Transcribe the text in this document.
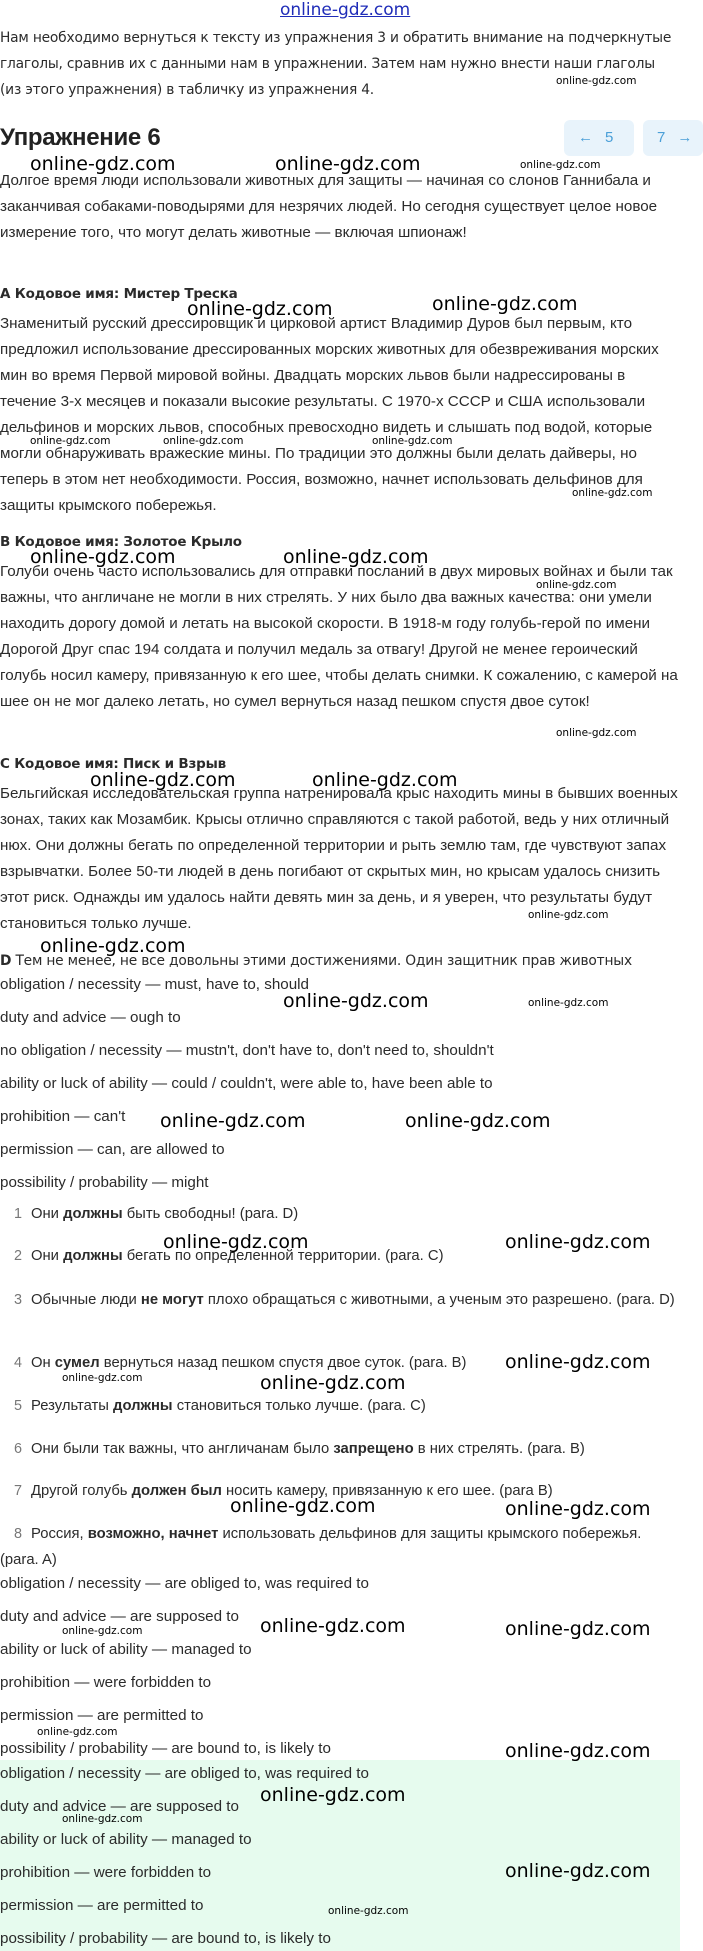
online-gdz.com

Нам необходимо вернуться к тексту из упражнения 3 и обратить внимание на подчеркнутые глаголы, сравнив их с данными нам в упражнении. Затем нам нужно внести наши глаголы (из этого упражнения) в табличку из упражнения 4.

Упражнение 6	← 5	7 →

Долгое время люди использовали животных для защиты — начиная со слонов Ганнибала и заканчивая собаками-поводырями для незрячих людей. Но сегодня существует целое новое измерение того, что могут делать животные — включая шпионаж!

A Кодовое имя: Мистер Треска

Знаменитый русский дрессировщик и цирковой артист Владимир Дуров был первым, кто предложил использование дрессированных морских животных для обезвреживания морских мин во время Первой мировой войны. Двадцать морских львов были надрессированы в течение 3-х месяцев и показали высокие результаты. С 1970-х СССР и США использовали дельфинов и морских львов, способных превосходно видеть и слышать под водой, которые могли обнаруживать вражеские мины. По традиции это должны были делать дайверы, но теперь в этом нет необходимости. Россия, возможно, начнет использовать дельфинов для защиты крымского побережья.

B Кодовое имя: Золотое Крыло

Голуби очень часто использовались для отправки посланий в двух мировых войнах и были так важны, что англичане не могли в них стрелять. У них было два важных качества: они умели находить дорогу домой и летать на высокой скорости. В 1918-м году голубь-герой по имени Дорогой Друг спас 194 солдата и получил медаль за отвагу! Другой не менее героический голубь носил камеру, привязанную к его шее, чтобы делать снимки. К сожалению, с камерой на шее он не мог далеко летать, но сумел вернуться назад пешком спустя двое суток!

C Кодовое имя: Писк и Взрыв

Бельгийская исследовательская группа натренировала крыс находить мины в бывших военных зонах, таких как Мозамбик. Крысы отлично справляются с такой работой, ведь у них отличный нюх. Они должны бегать по определенной территории и рыть землю там, где чувствуют запах взрывчатки. Более 50-ти людей в день погибают от скрытых мин, но крысам удалось снизить этот риск. Однажды им удалось найти девять мин за день, и я уверен, что результаты будут становиться только лучше.

D Тем не менее, не все довольны этими достижениями. Один защитник прав животных
obligation / necessity — must, have to, should
duty and advice — ough to
no obligation / necessity — mustn't, don't have to, don't need to, shouldn't
ability or luck of ability — could / couldn't, were able to, have been able to
prohibition — can't
permission — can, are allowed to
possibility / probability — might
1 Они должны быть свободны! (para. D)
2 Они должны бегать по определенной территории. (para. C)
3 Обычные люди не могут плохо обращаться с животными, а ученым это разрешено. (para. D)
4 Он сумел вернуться назад пешком спустя двое суток. (para. B)
5 Результаты должны становиться только лучше. (para. C)
6 Они были так важны, что англичанам было запрещено в них стрелять. (para. B)
7 Другой голубь должен был носить камеру, привязанную к его шее. (para B)
8 Россия, возможно, начнет использовать дельфинов для защиты крымского побережья. (para. A)
obligation / necessity — are obliged to, was required to
duty and advice — are supposed to
ability or luck of ability — managed to
prohibition — were forbidden to
permission — are permitted to
possibility / probability — are bound to, is likely to
obligation / necessity — are obliged to, was required to
duty and advice — are supposed to
ability or luck of ability — managed to
prohibition — were forbidden to
permission — are permitted to
possibility / probability — are bound to, is likely to
online-gdz.com
online-gdz.com	online-gdz.com	online-gdz.com
online-gdz.com	online-gdz.com
online-gdz.com	online-gdz.com	online-gdz.com
online-gdz.com
online-gdz.com	online-gdz.com
online-gdz.com
online-gdz.com
online-gdz.com	online-gdz.com
online-gdz.com
online-gdz.com
online-gdz.com	online-gdz.com
online-gdz.com	online-gdz.com
online-gdz.com	online-gdz.com
online-gdz.com
online-gdz.com	online-gdz.com
online-gdz.com	online-gdz.com
online-gdz.com	online-gdz.com	online-gdz.com
online-gdz.com
online-gdz.com
online-gdz.com
online-gdz.com
online-gdz.com
online-gdz.com
